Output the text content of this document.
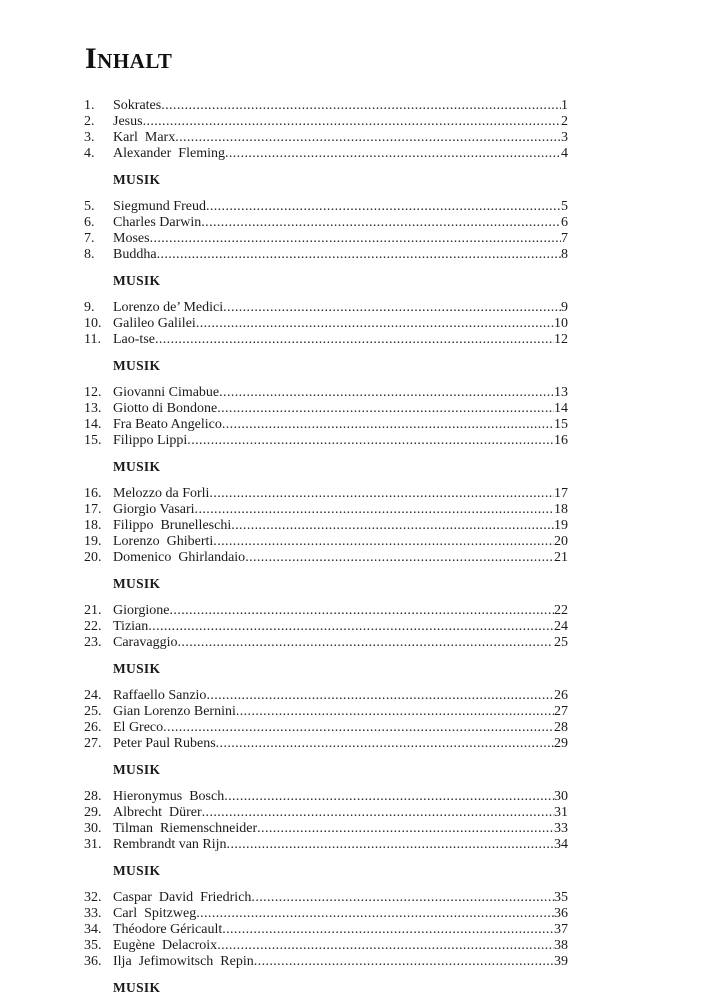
Inhalt
1.	Sokrates .....	1
2.	Jesus .....	2
3.	Karl  Marx .....	3
4.	Alexander  Fleming .....	4
MUSIK
5.	Siegmund Freud .....	5
6.	Charles Darwin .....	6
7.	Moses .....	7
8.	Buddha .....	8
MUSIK
9.	Lorenzo de’ Medici .....	9
10. Galileo Galilei .....	10
11. Lao-tse .....	12
MUSIK
12. Giovanni Cimabue .....	13
13. Giotto di Bondone .....	14
14. Fra Beato Angelico .....	15
15. Filippo Lippi .....	16
MUSIK
16. Melozzo da Forli .....	17
17. Giorgio Vasari .....	18
18. Filippo  Brunelleschi .....	19
19. Lorenzo  Ghiberti .....	20
20. Domenico  Ghirlandaio .....	21
MUSIK
21. Giorgione .....	22
22. Tizian .....	24
23. Caravaggio .....	25
MUSIK
24. Raffaello Sanzio .....	26
25. Gian Lorenzo Bernini .....	27
26. El Greco .....	28
27. Peter Paul Rubens .....	29
MUSIK
28. Hieronymus  Bosch .....	30
29. Albrecht  Dürer .....	31
30. Tilman  Riemenschneider .....	33
31. Rembrandt van Rijn .....	34
MUSIK
32. Caspar  David  Friedrich .....	35
33. Carl  Spitzweg .....	36
34. Théodore Géricault .....	37
35. Eugène  Delacroix .....	38
36. Ilja  Jefimowitsch  Repin .....	39
MUSIK
